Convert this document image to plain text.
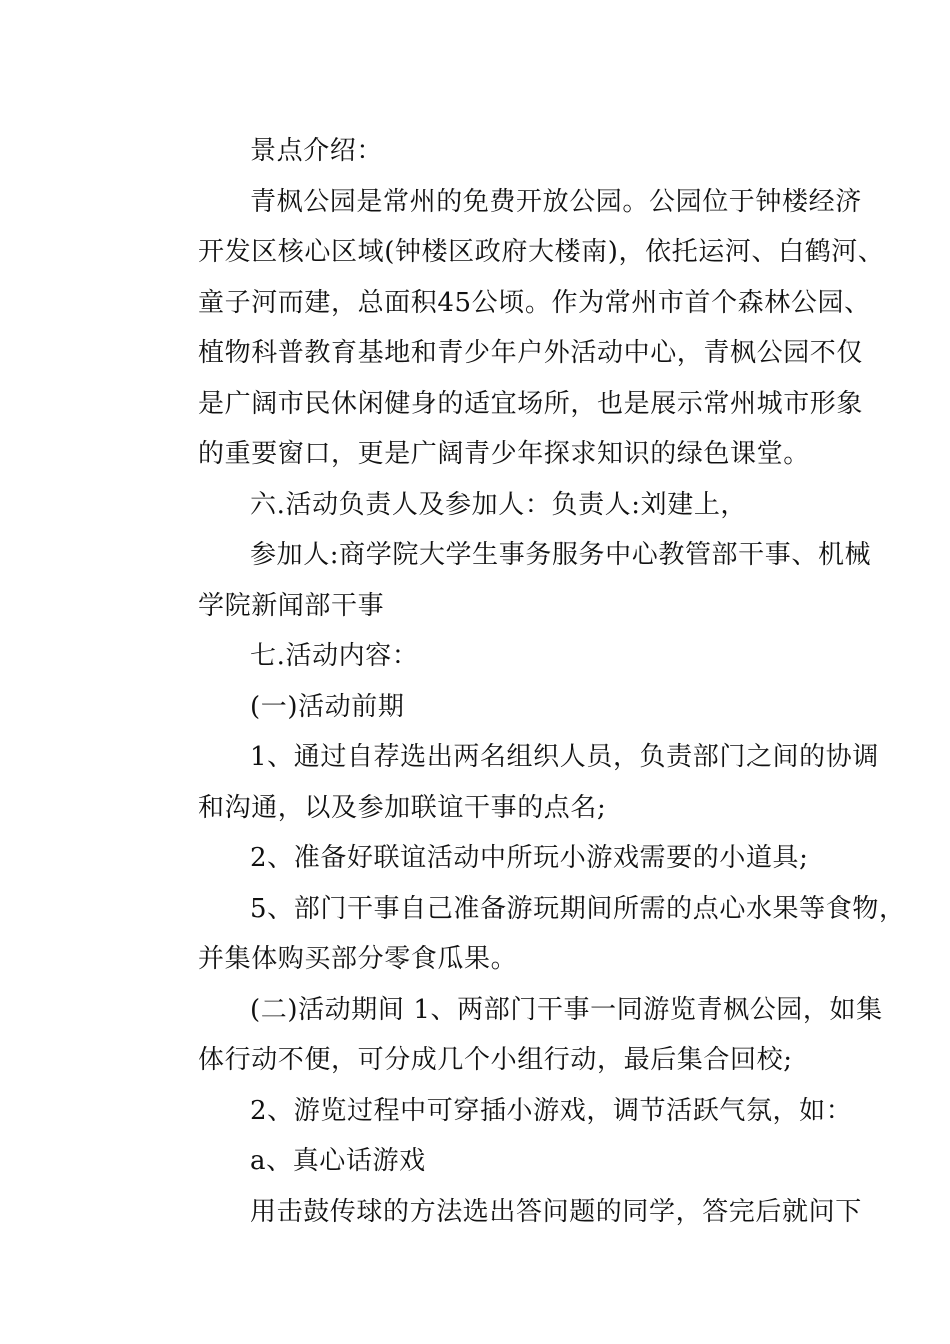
景点介绍：

青枫公园是常州的免费开放公园。公园位于钟楼经济
开发区核心区域(钟楼区政府大楼南)，依托运河、白鹤河、
童子河而建，总面积45公顷。作为常州市首个森林公园、
植物科普教育基地和青少年户外活动中心，青枫公园不仅
是广阔市民休闲健身的适宜场所，也是展示常州城市形象
的重要窗口，更是广阔青少年探求知识的绿色课堂。

六.活动负责人及参加人：负责人:刘建上，

参加人:商学院大学生事务服务中心教管部干事、机械
学院新闻部干事

七.活动内容：

(一)活动前期

1、通过自荐选出两名组织人员，负责部门之间的协调
和沟通，以及参加联谊干事的点名;

2、准备好联谊活动中所玩小游戏需要的小道具;

5、部门干事自己准备游玩期间所需的点心水果等食物，
并集体购买部分零食瓜果。

(二)活动期间 1、两部门干事一同游览青枫公园，如集
体行动不便，可分成几个小组行动，最后集合回校;

2、游览过程中可穿插小游戏，调节活跃气氛，如：

a、真心话游戏

用击鼓传球的方法选出答问题的同学，答完后就问下
